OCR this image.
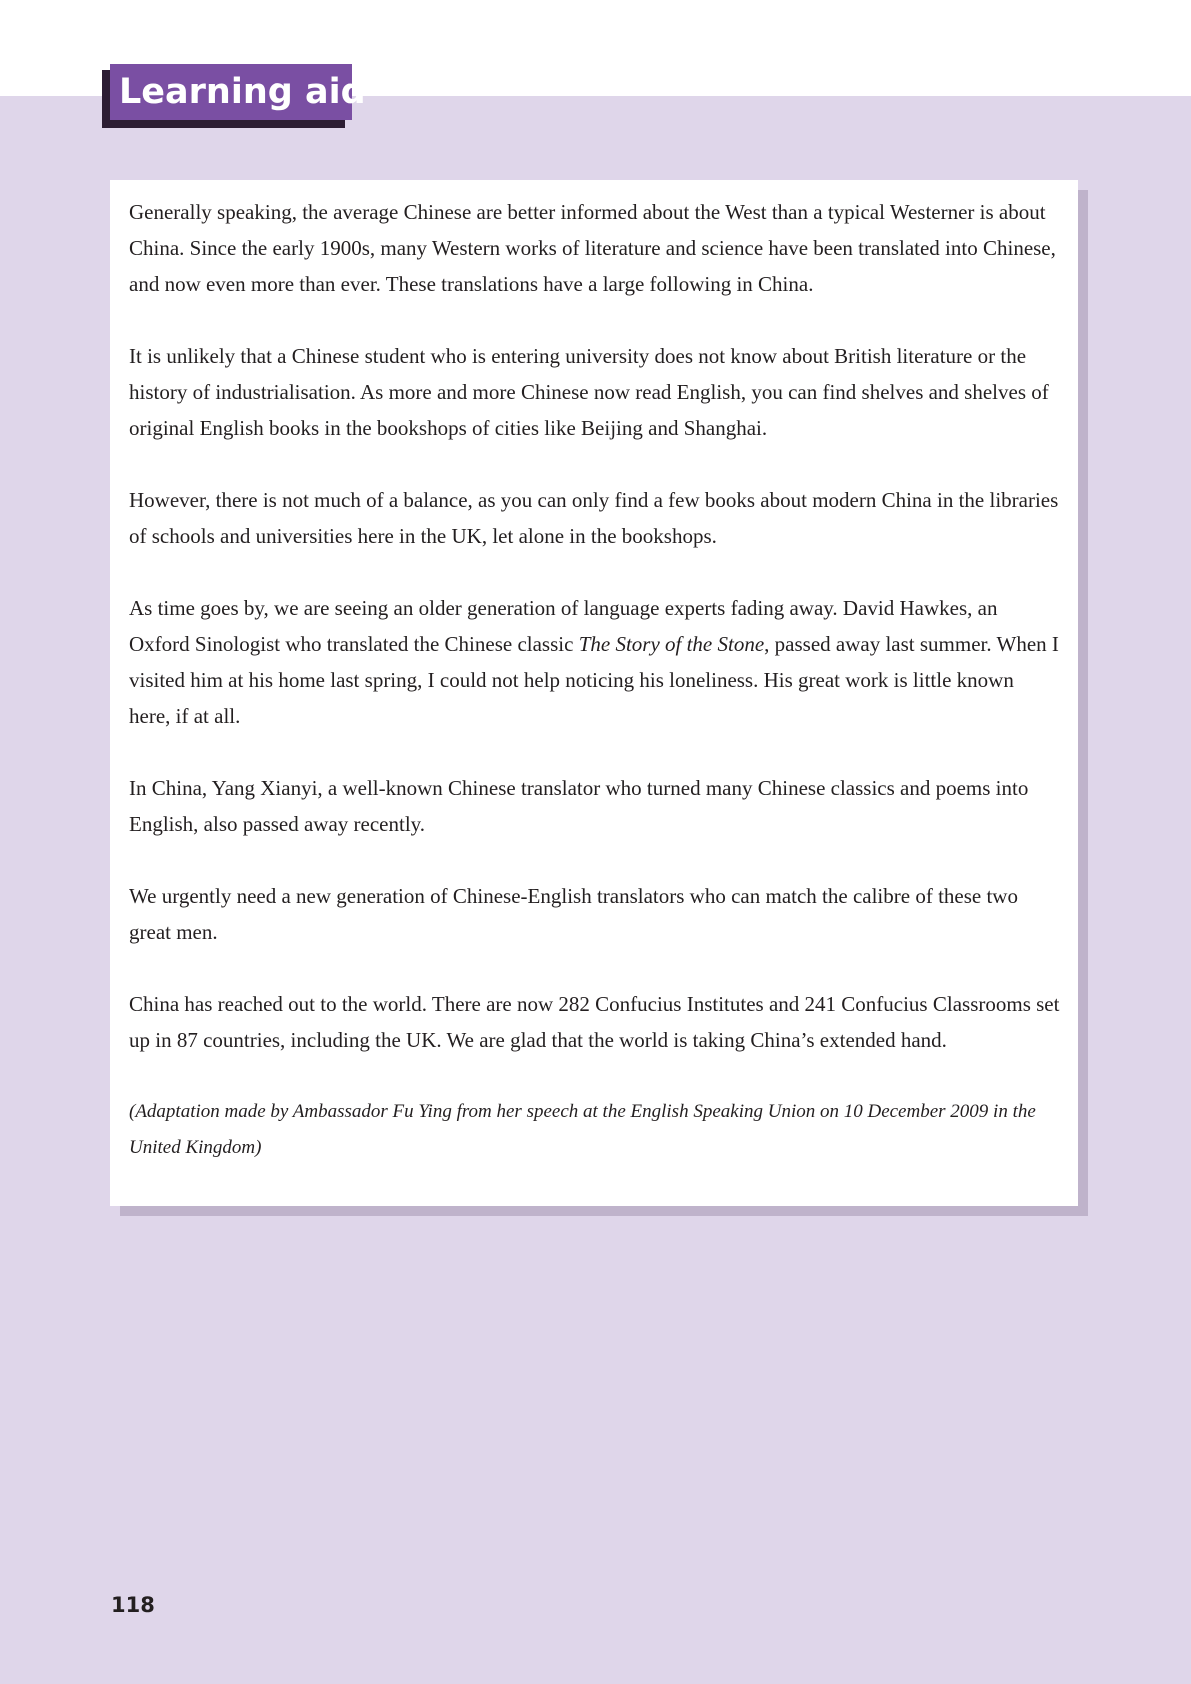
Learning aid

Generally speaking, the average Chinese are better informed about the West than a typical Westerner is about China. Since the early 1900s, many Western works of literature and science have been translated into Chinese, and now even more than ever. These translations have a large following in China.

It is unlikely that a Chinese student who is entering university does not know about British literature or the history of industrialisation. As more and more Chinese now read English, you can find shelves and shelves of original English books in the bookshops of cities like Beijing and Shanghai.

However, there is not much of a balance, as you can only find a few books about modern China in the libraries of schools and universities here in the UK, let alone in the bookshops.

As time goes by, we are seeing an older generation of language experts fading away. David Hawkes, an Oxford Sinologist who translated the Chinese classic The Story of the Stone, passed away last summer. When I visited him at his home last spring, I could not help noticing his loneliness. His great work is little known here, if at all.

In China, Yang Xianyi, a well-known Chinese translator who turned many Chinese classics and poems into English, also passed away recently.

We urgently need a new generation of Chinese-English translators who can match the calibre of these two great men.

China has reached out to the world. There are now 282 Confucius Institutes and 241 Confucius Classrooms set up in 87 countries, including the UK. We are glad that the world is taking China’s extended hand.

(Adaptation made by Ambassador Fu Ying from her speech at the English Speaking Union on 10 December 2009 in the United Kingdom)

118
